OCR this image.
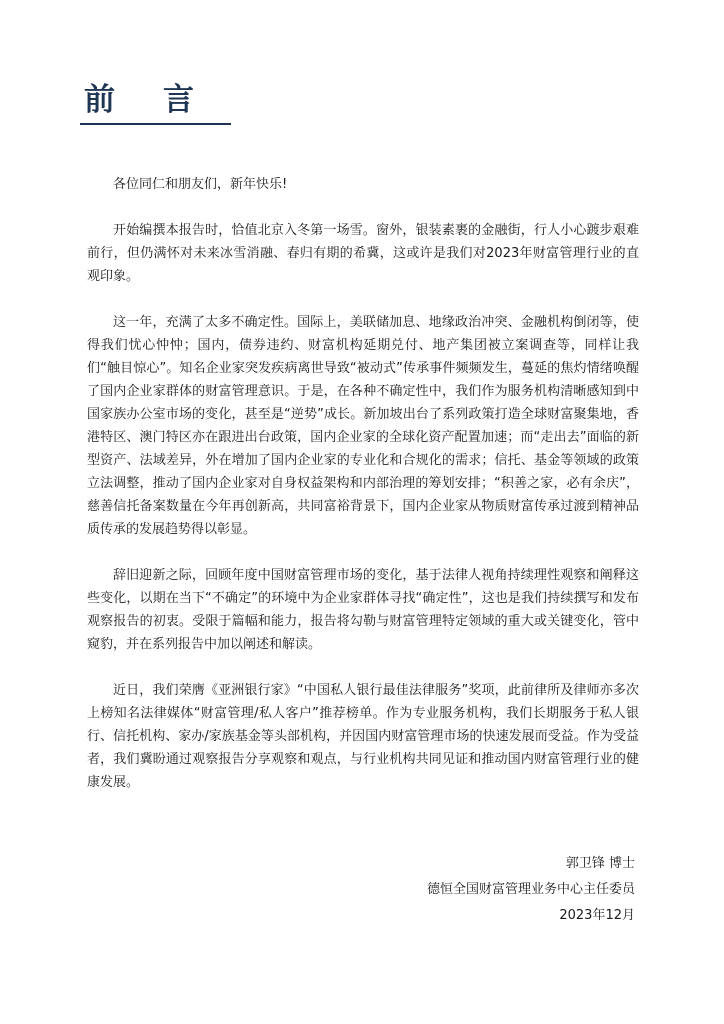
前 言

各位同仁和朋友们，新年快乐!

开始编撰本报告时，恰值北京入冬第一场雪。窗外，银装素裹的金融街，行人小心踱步艰难前行，但仍满怀对未来冰雪消融、春归有期的希冀，这或许是我们对2023年财富管理行业的直观印象。

这一年，充满了太多不确定性。国际上，美联储加息、地缘政治冲突、金融机构倒闭等，使得我们忧心忡忡；国内，债券违约、财富机构延期兑付、地产集团被立案调查等，同样让我们“触目惊心”。知名企业家突发疾病离世导致“被动式”传承事件频频发生，蔓延的焦灼情绪唤醒了国内企业家群体的财富管理意识。于是，在各种不确定性中，我们作为服务机构清晰感知到中国家族办公室市场的变化，甚至是“逆势”成长。新加坡出台了系列政策打造全球财富聚集地，香港特区、澳门特区亦在跟进出台政策，国内企业家的全球化资产配置加速；而“走出去”面临的新型资产、法域差异，外在增加了国内企业家的专业化和合规化的需求；信托、基金等领域的政策立法调整，推动了国内企业家对自身权益架构和内部治理的筹划安排；“积善之家，必有余庆”，慈善信托备案数量在今年再创新高，共同富裕背景下，国内企业家从物质财富传承过渡到精神品质传承的发展趋势得以彰显。

辞旧迎新之际，回顾年度中国财富管理市场的变化，基于法律人视角持续理性观察和阐释这些变化，以期在当下“不确定”的环境中为企业家群体寻找“确定性”，这也是我们持续撰写和发布观察报告的初衷。受限于篇幅和能力，报告将勾勒与财富管理特定领域的重大或关键变化，管中窥豹，并在系列报告中加以阐述和解读。

近日，我们荣膺《亚洲银行家》“中国私人银行最佳法律服务”奖项，此前律所及律师亦多次上榜知名法律媒体“财富管理/私人客户”推荐榜单。作为专业服务机构，我们长期服务于私人银行、信托机构、家办/家族基金等头部机构，并因国内财富管理市场的快速发展而受益。作为受益者，我们冀盼通过观察报告分享观察和观点，与行业机构共同见证和推动国内财富管理行业的健康发展。

郭卫锋 博士
德恒全国财富管理业务中心主任委员
2023年12月
